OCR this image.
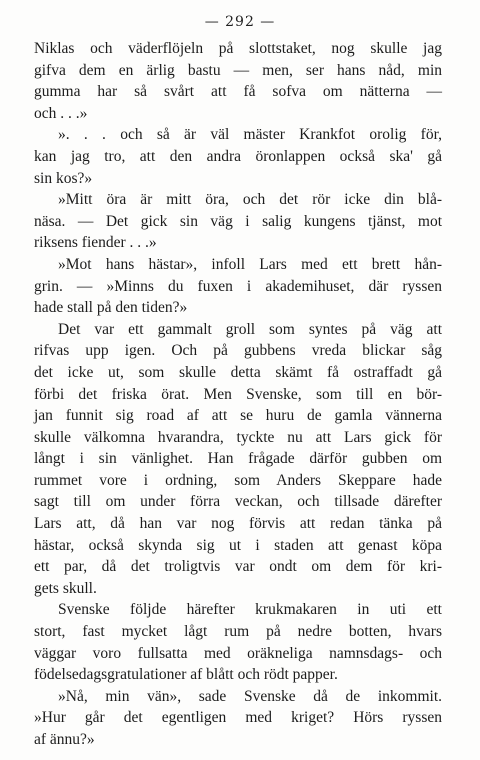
— 292 —
Niklas och väderflöjeln på slottstaket, nog skulle jag
gifva dem en ärlig bastu — men, ser hans nåd, min
gumma har så svårt att få sofva om nätterna —
och . . .»
». . . och så är väl mäster Krankfot orolig för,
kan jag tro, att den andra öronlappen också ska' gå
sin kos?»
»Mitt öra är mitt öra, och det rör icke din blå-
näsa. — Det gick sin väg i salig kungens tjänst, mot
riksens fiender . . .»
»Mot hans hästar», infoll Lars med ett brett hån-
grin. — »Minns du fuxen i akademihuset, där ryssen
hade stall på den tiden?»
Det var ett gammalt groll som syntes på väg att
rifvas upp igen. Och på gubbens vreda blickar såg
det icke ut, som skulle detta skämt få ostraffadt gå
förbi det friska örat. Men Svenske, som till en bör-
jan funnit sig road af att se huru de gamla vännerna
skulle välkomna hvarandra, tyckte nu att Lars gick för
långt i sin vänlighet. Han frågade därför gubben om
rummet vore i ordning, som Anders Skeppare hade
sagt till om under förra veckan, och tillsade därefter
Lars att, då han var nog förvis att redan tänka på
hästar, också skynda sig ut i staden att genast köpa
ett par, då det troligtvis var ondt om dem för kri-
gets skull.
Svenske följde härefter krukmakaren in uti ett
stort, fast mycket lågt rum på nedre botten, hvars
väggar voro fullsatta med oräkneliga namnsdags- och
födelsedagsgratulationer af blått och rödt papper.
»Nå, min vän», sade Svenske då de inkommit.
»Hur går det egentligen med kriget? Hörs ryssen
af ännu?»
